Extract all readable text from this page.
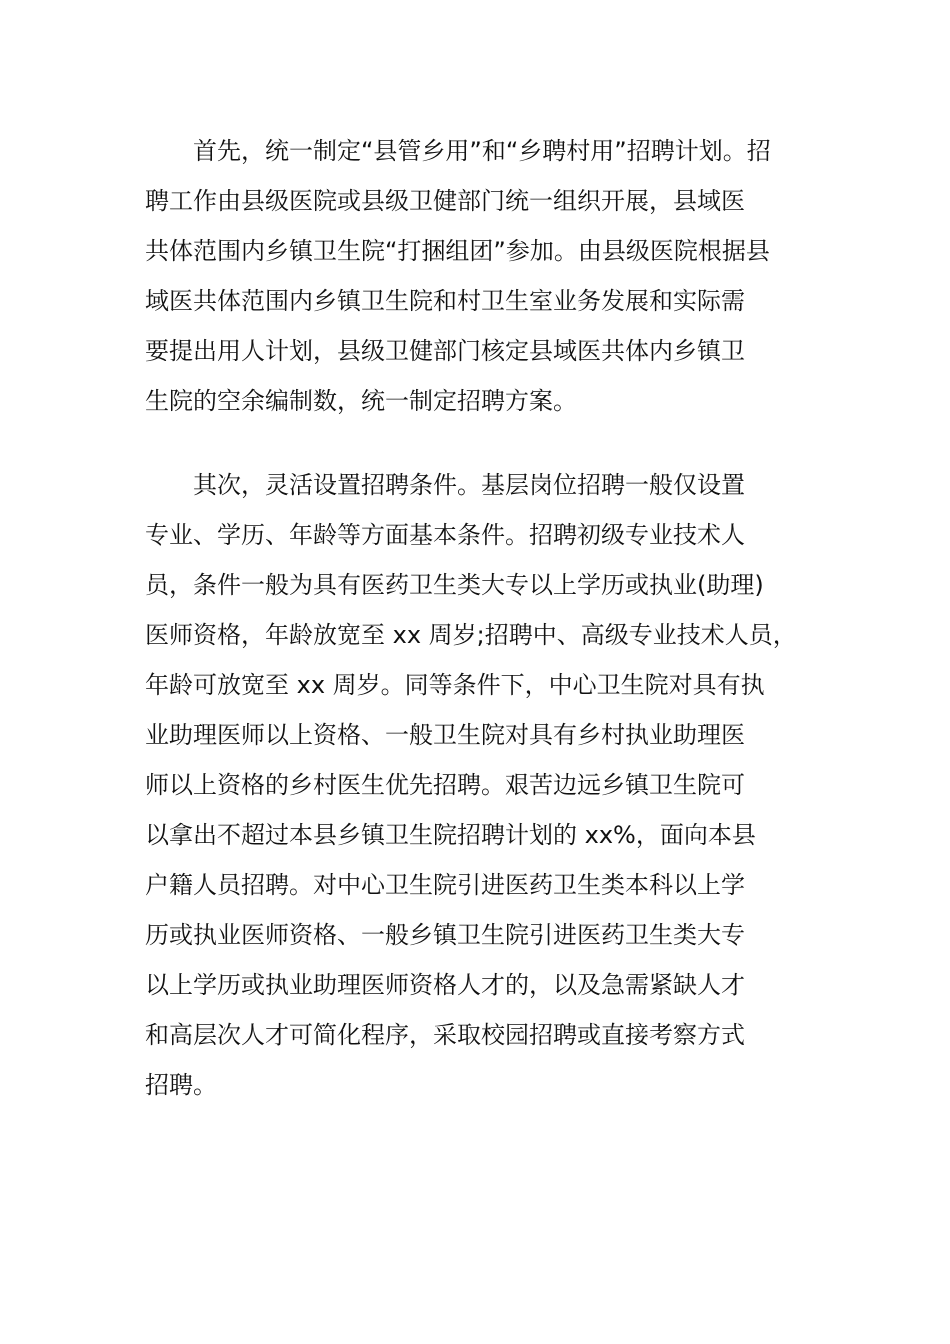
首先，统一制定“县管乡用”和“乡聘村用”招聘计划。招
聘工作由县级医院或县级卫健部门统一组织开展，县域医
共体范围内乡镇卫生院“打捆组团”参加。由县级医院根据县
域医共体范围内乡镇卫生院和村卫生室业务发展和实际需
要提出用人计划，县级卫健部门核定县域医共体内乡镇卫
生院的空余编制数，统一制定招聘方案。
其次，灵活设置招聘条件。基层岗位招聘一般仅设置
专业、学历、年龄等方面基本条件。招聘初级专业技术人
员，条件一般为具有医药卫生类大专以上学历或执业(助理)
医师资格，年龄放宽至 xx 周岁;招聘中、高级专业技术人员，
年龄可放宽至 xx 周岁。同等条件下，中心卫生院对具有执
业助理医师以上资格、一般卫生院对具有乡村执业助理医
师以上资格的乡村医生优先招聘。艰苦边远乡镇卫生院可
以拿出不超过本县乡镇卫生院招聘计划的 xx%，面向本县
户籍人员招聘。对中心卫生院引进医药卫生类本科以上学
历或执业医师资格、一般乡镇卫生院引进医药卫生类大专
以上学历或执业助理医师资格人才的，以及急需紧缺人才
和高层次人才可简化程序，采取校园招聘或直接考察方式
招聘。
